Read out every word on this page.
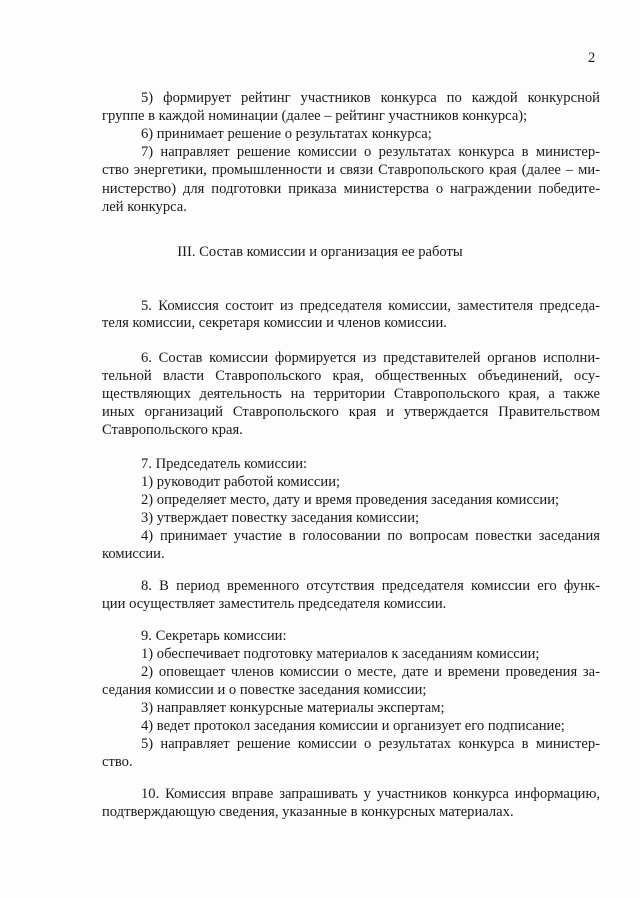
2
5) формирует рейтинг участников конкурса по каждой конкурсной
группе в каждой номинации (далее – рейтинг участников конкурса);
6) принимает решение о результатах конкурса;
7) направляет решение комиссии о результатах конкурса в министер-
ство энергетики, промышленности и связи Ставропольского края (далее – ми-
нистерство) для подготовки приказа министерства о награждении победите-
лей конкурса.
III. Состав комиссии и организация ее работы
5. Комиссия состоит из председателя комиссии, заместителя председа-
теля комиссии, секретаря комиссии и членов комиссии.
6. Состав комиссии формируется из представителей органов исполни-
тельной власти Ставропольского края, общественных объединений, осу-
ществляющих деятельность на территории Ставропольского края, а также
иных организаций Ставропольского края и утверждается Правительством
Ставропольского края.
7. Председатель комиссии:
1) руководит работой комиссии;
2) определяет место, дату и время проведения заседания комиссии;
3) утверждает повестку заседания комиссии;
4) принимает участие в голосовании по вопросам повестки заседания
комиссии.
8. В период временного отсутствия председателя комиссии его функ-
ции осуществляет заместитель председателя комиссии.
9. Секретарь комиссии:
1) обеспечивает подготовку материалов к заседаниям комиссии;
2) оповещает членов комиссии о месте, дате и времени проведения за-
седания комиссии и о повестке заседания комиссии;
3) направляет конкурсные материалы экспертам;
4) ведет протокол заседания комиссии и организует его подписание;
5) направляет решение комиссии о результатах конкурса в министер-
ство.
10. Комиссия вправе запрашивать у участников конкурса информацию,
подтверждающую сведения, указанные в конкурсных материалах.
